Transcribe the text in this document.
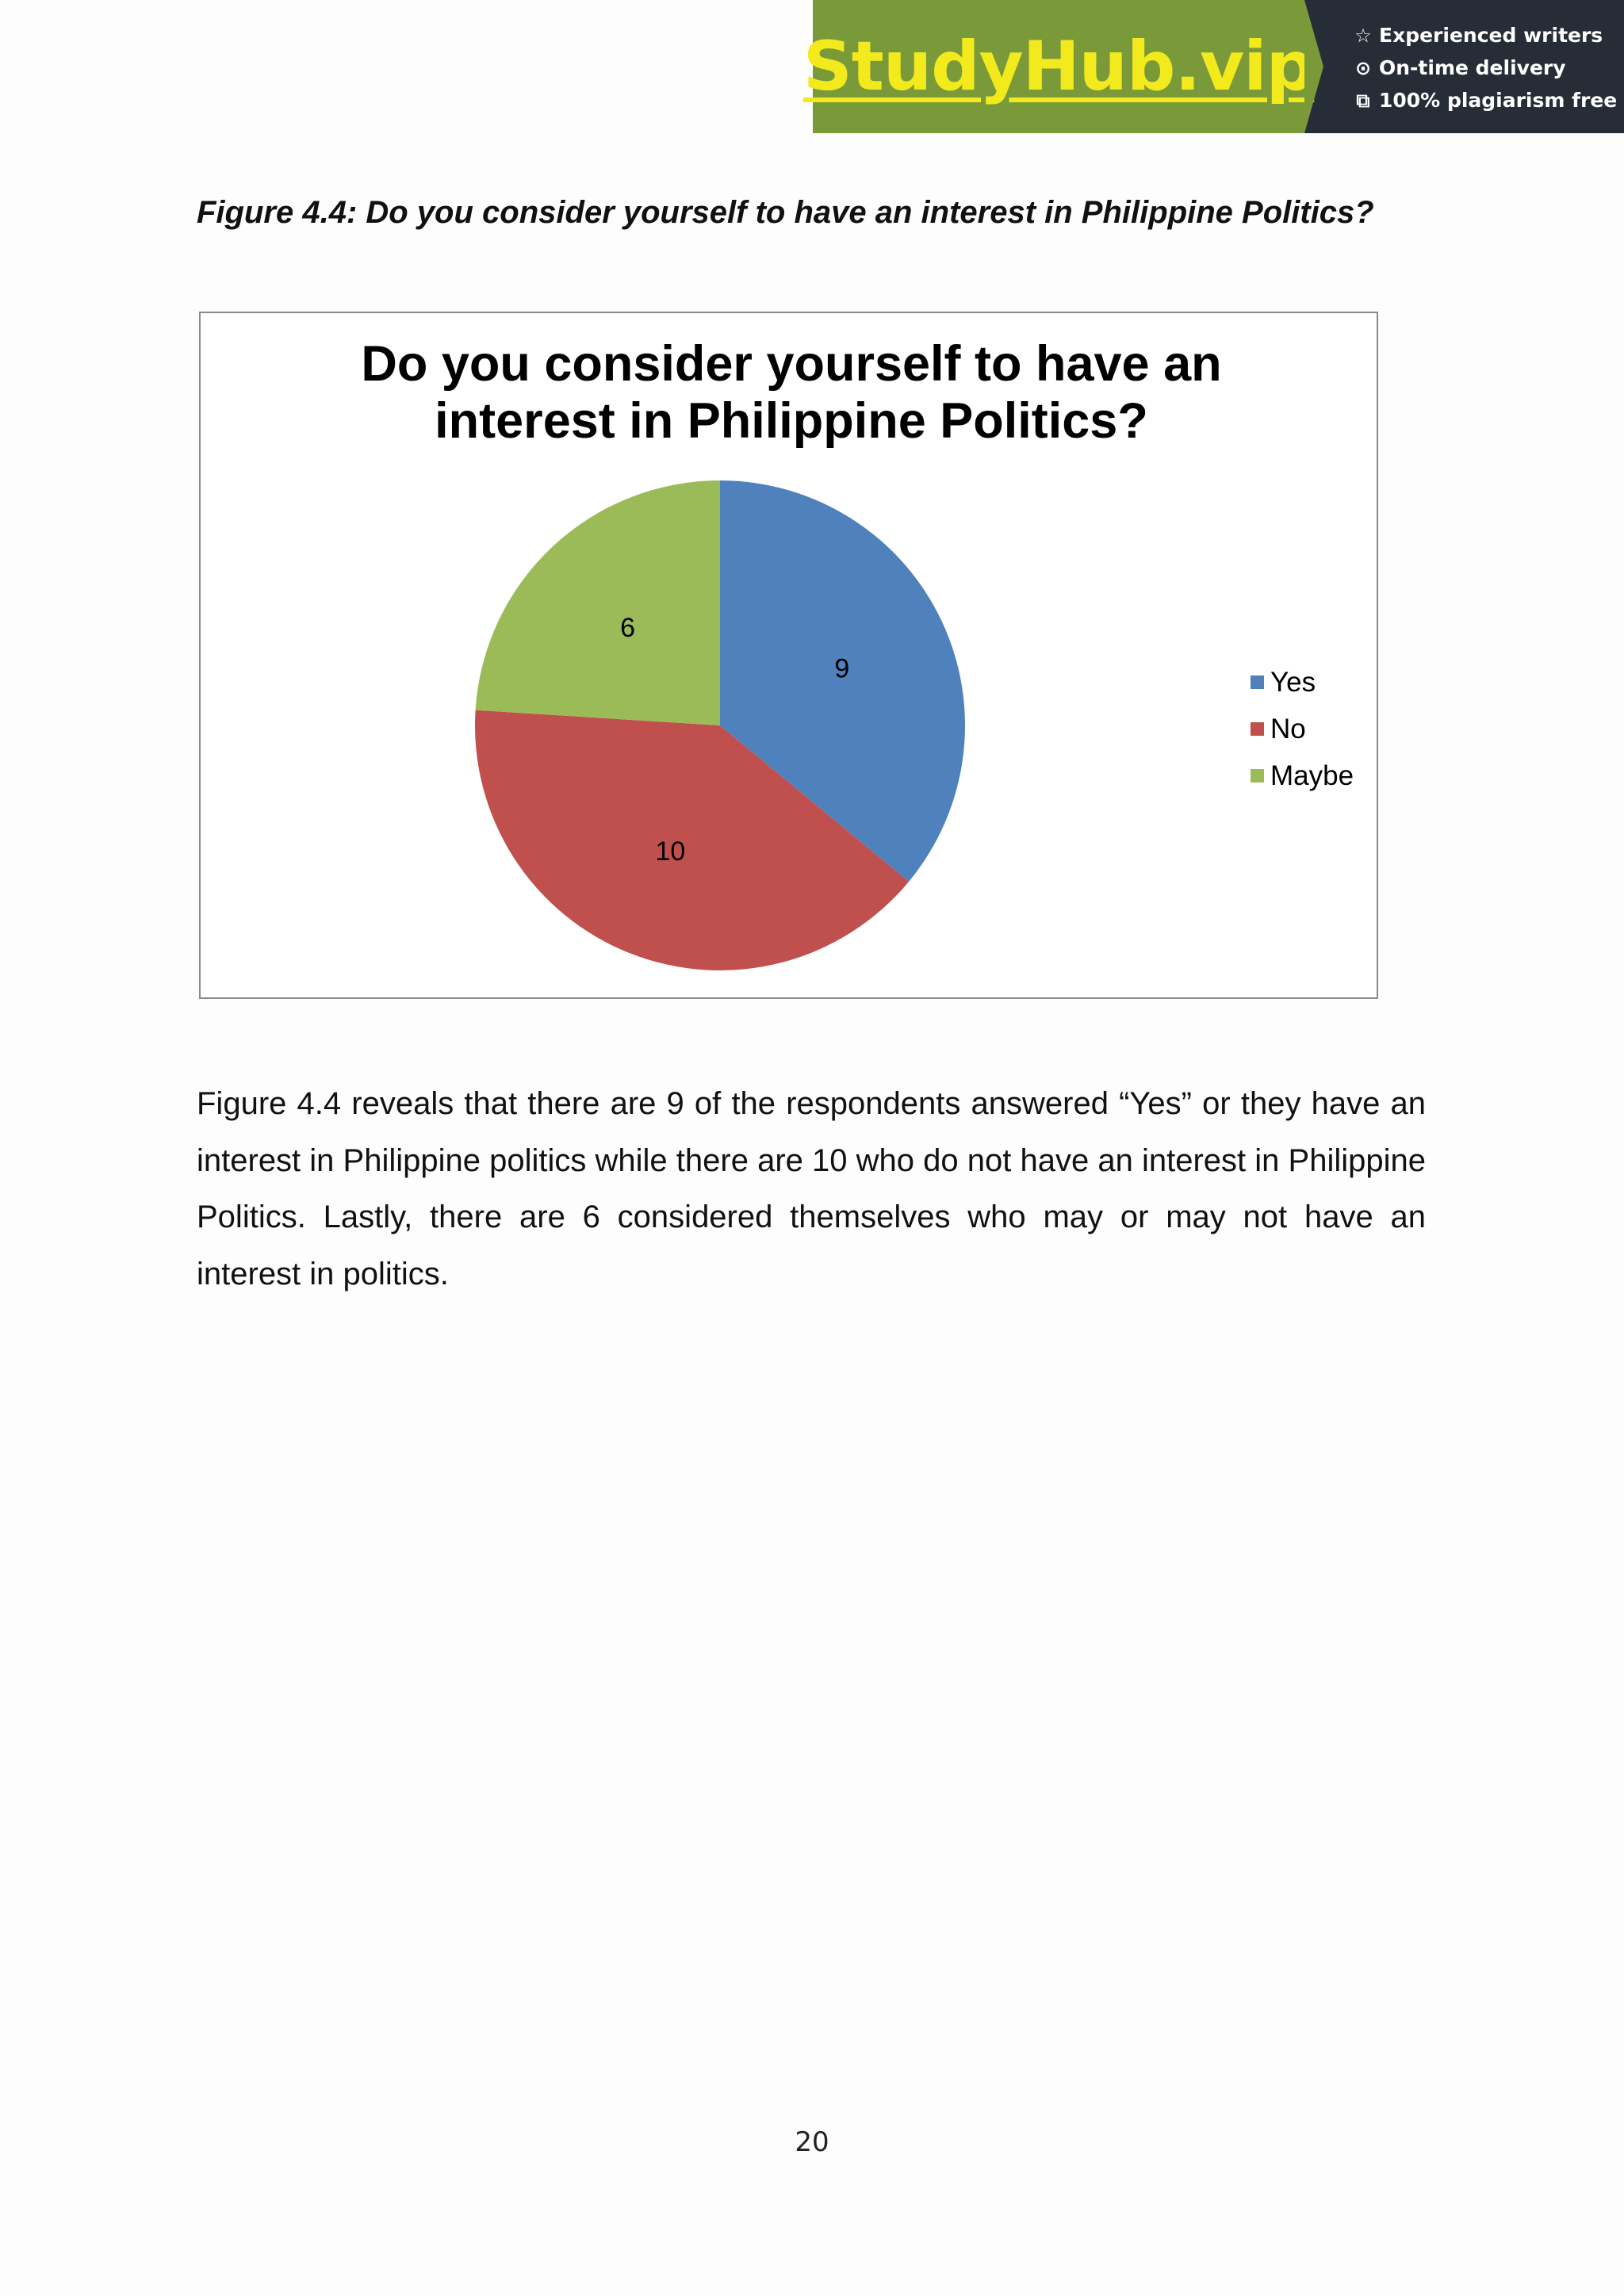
StudyHub.vip ☆ Experienced writers
⊙ On-time delivery
⧉ 100% plagiarism free
Figure 4.4: Do you consider yourself to have an interest in Philippine Politics?
Do you consider yourself to have an
interest in Philippine Politics?
9
10
6
Yes
No
Maybe
Figure 4.4 reveals that there are 9 of the respondents answered “Yes” or they have an interest in Philippine politics while there are 10 who do not have an interest in Philippine Politics. Lastly, there are 6 considered themselves who may or may not have an interest in politics.
20
